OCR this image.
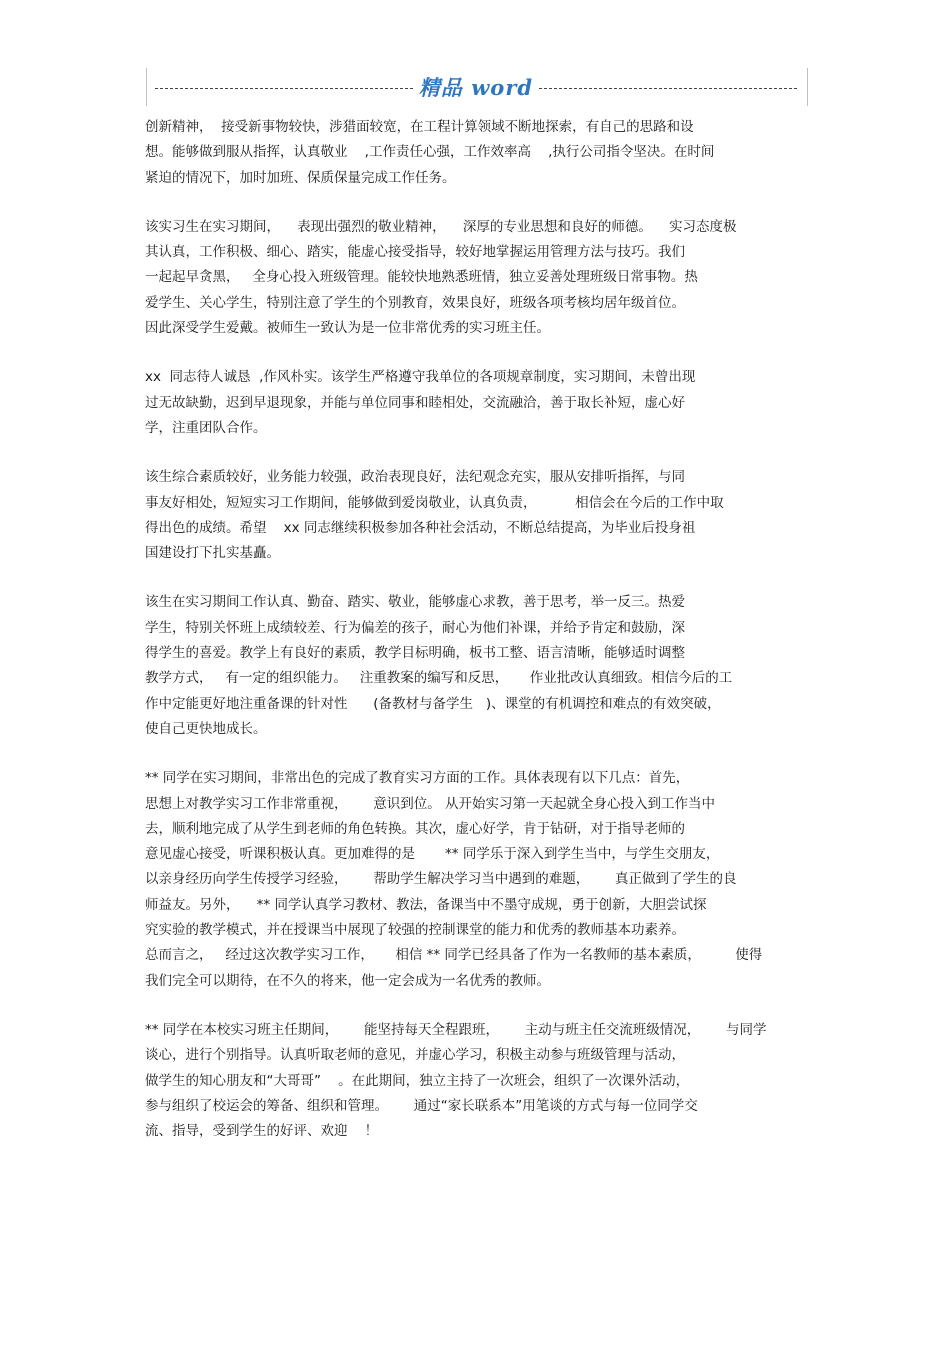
精品 word
创新精神，  接受新事物较快，涉猎面较宽，在工程计算领域不断地探索，有自己的思路和设
想。能够做到服从指挥，认真敬业    ,工作责任心强，工作效率高    ,执行公司指令坚决。在时间
紧迫的情况下，加时加班、保质保量完成工作任务。
该实习生在实习期间，    表现出强烈的敬业精神，    深厚的专业思想和良好的师德。    实习态度极
其认真，工作积极、细心、踏实，能虚心接受指导，较好地掌握运用管理方法与技巧。我们
一起起早贪黑，   全身心投入班级管理。能较快地熟悉班情，独立妥善处理班级日常事物。热
爱学生、关心学生，特别注意了学生的个别教育，效果良好，班级各项考核均居年级首位。
因此深受学生爱戴。被师生一致认为是一位非常优秀的实习班主任。
xx  同志待人诚恳  ,作风朴实。该学生严格遵守我单位的各项规章制度，实习期间，未曾出现
过无故缺勤，迟到早退现象，并能与单位同事和睦相处，交流融洽，善于取长补短，虚心好
学，注重团队合作。
该生综合素质较好，业务能力较强，政治表现良好，法纪观念充实，服从安排听指挥，与同
事友好相处，短短实习工作期间，能够做到爱岗敬业，认真负责，         相信会在今后的工作中取
得出色的成绩。希望    xx 同志继续积极参加各种社会活动，不断总结提高，为毕业后投身祖
国建设打下扎实基矗。
该生在实习期间工作认真、勤奋、踏实、敬业，能够虚心求教，善于思考，举一反三。热爱
学生，特别关怀班上成绩较差、行为偏差的孩子，耐心为他们补课，并给予肯定和鼓励，深
得学生的喜爱。教学上有良好的素质，教学目标明确，板书工整、语言清晰，能够适时调整
教学方式，   有一定的组织能力。   注重教案的编写和反思，     作业批改认真细致。相信今后的工
作中定能更好地注重备课的针对性      (备教材与备学生   )、课堂的有机调控和难点的有效突破，
使自己更快地成长。
** 同学在实习期间，非常出色的完成了教育实习方面的工作。具体表现有以下几点：首先，
思想上对教学实习工作非常重视，      意识到位。 从开始实习第一天起就全身心投入到工作当中
去，顺利地完成了从学生到老师的角色转换。其次，虚心好学，肯于钻研，对于指导老师的
意见虚心接受，听课积极认真。更加难得的是       ** 同学乐于深入到学生当中，与学生交朋友，
以亲身经历向学生传授学习经验，      帮助学生解决学习当中遇到的难题，      真正做到了学生的良
师益友。另外，    ** 同学认真学习教材、教法，备课当中不墨守成规，勇于创新，大胆尝试探
究实验的教学模式，并在授课当中展现了较强的控制课堂的能力和优秀的教师基本功素养。
总而言之，   经过这次教学实习工作，     相信 ** 同学已经具备了作为一名教师的基本素质，        使得
我们完全可以期待，在不久的将来，他一定会成为一名优秀的教师。
** 同学在本校实习班主任期间，      能坚持每天全程跟班，      主动与班主任交流班级情况，      与同学
谈心，进行个别指导。认真听取老师的意见，并虚心学习，积极主动参与班级管理与活动，
做学生的知心朋友和“大哥哥”    。在此期间，独立主持了一次班会，组织了一次课外活动，
参与组织了校运会的筹备、组织和管理。      通过“家长联系本”用笔谈的方式与每一位同学交
流、指导，受到学生的好评、欢迎    ！
